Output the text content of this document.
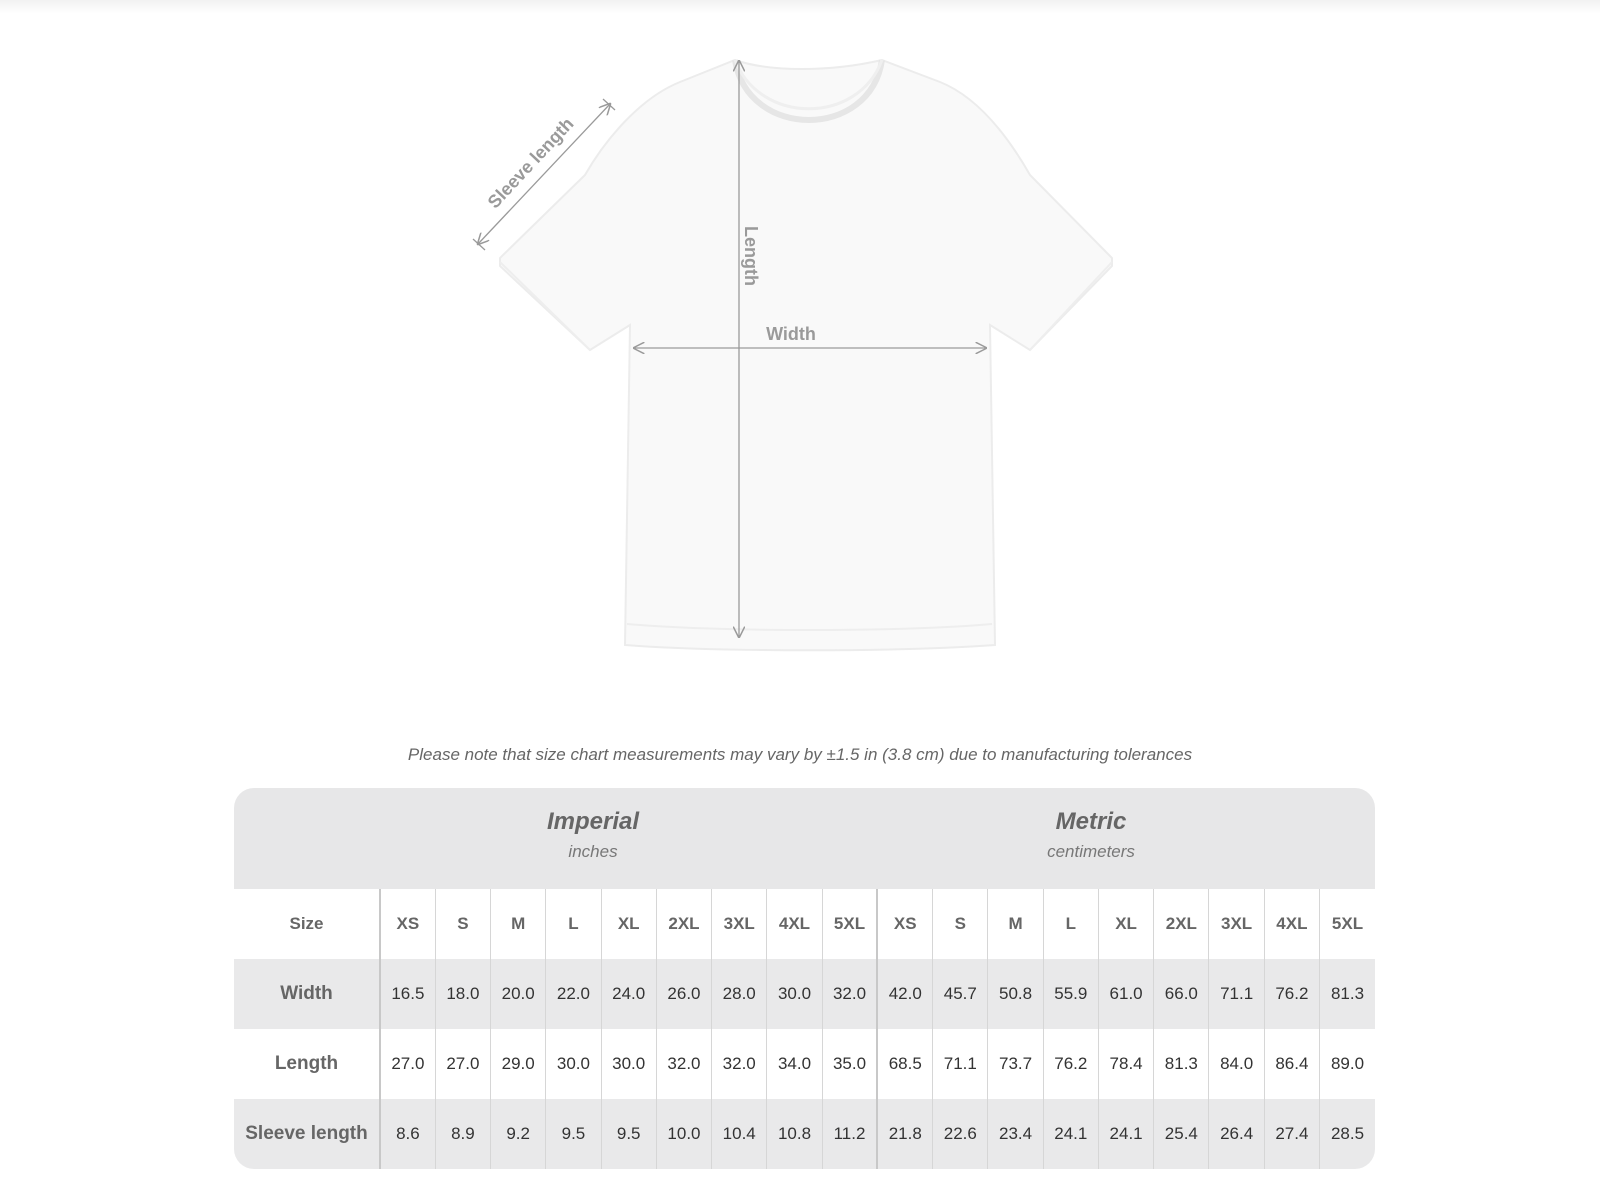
Sleeve length
Length
Width
Please note that size chart measurements may vary by ±1.5 in (3.8 cm) due to manufacturing tolerances
Imperial
inches
Metric
centimeters
Size	XS	S	M	L	XL	2XL	3XL	4XL	5XL	XS	S	M	L	XL	2XL	3XL	4XL	5XL
Width	16.5	18.0	20.0	22.0	24.0	26.0	28.0	30.0	32.0	42.0	45.7	50.8	55.9	61.0	66.0	71.1	76.2	81.3
Length	27.0	27.0	29.0	30.0	30.0	32.0	32.0	34.0	35.0	68.5	71.1	73.7	76.2	78.4	81.3	84.0	86.4	89.0
Sleeve length	8.6	8.9	9.2	9.5	9.5	10.0	10.4	10.8	11.2	21.8	22.6	23.4	24.1	24.1	25.4	26.4	27.4	28.5
